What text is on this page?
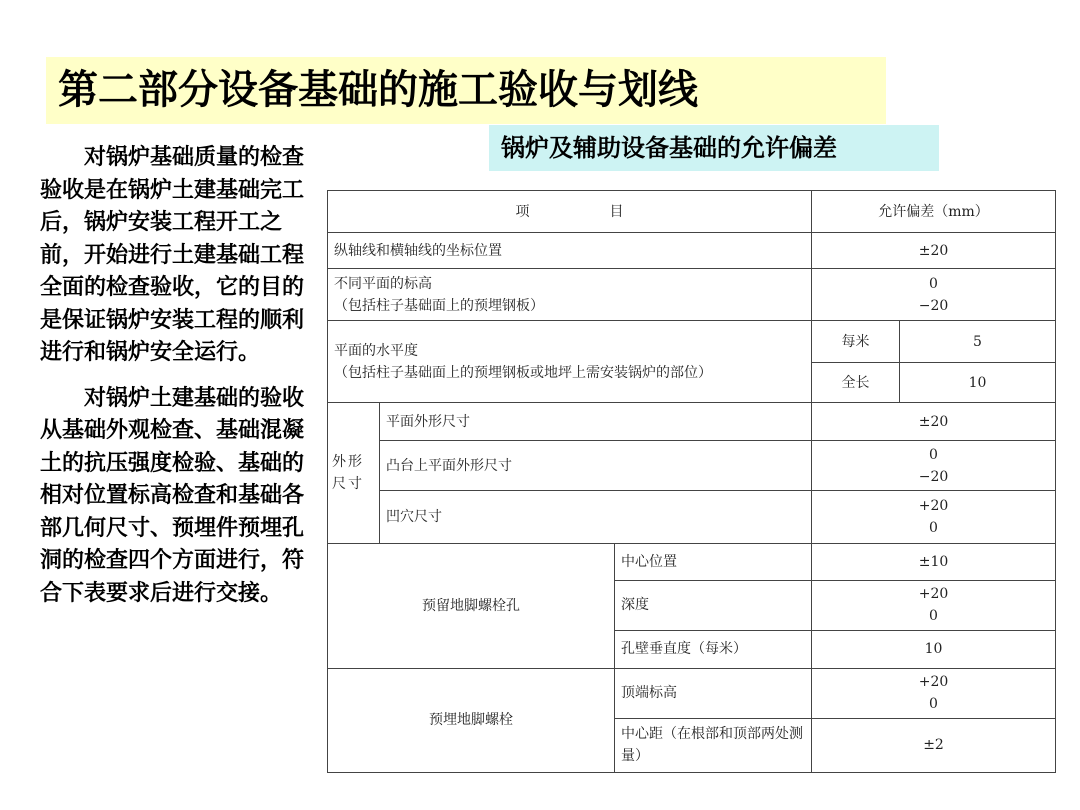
第二部分设备基础的施工验收与划线
锅炉及辅助设备基础的允许偏差

对锅炉基础质量的检查验收是在锅炉土建基础完工后，锅炉安装工程开工之前，开始进行土建基础工程全面的检查验收，它的目的是保证锅炉安装工程的顺利进行和锅炉安全运行。

对锅炉土建基础的验收从基础外观检查、基础混凝土的抗压强度检验、基础的相对位置标高检查和基础各部几何尺寸、预埋件预埋孔洞的检查四个方面进行，符合下表要求后进行交接。

项 目			允许偏差（mm）	
纵轴线和横轴线的坐标位置			±20	
不同平面的标高
（包括柱子基础面上的预埋钢板）			0
−20	

平面的水平度
（包括柱子基础面上的预埋钢板或地坪上需安装锅炉的部位）			每米	5
			全长	10
外形尺寸	平面外形尺寸		±20	
	凸台上平面外形尺寸		0
−20	

	凹穴尺寸		+20
0	

预留地脚螺栓孔		中心位置	±10	
		深度	+20
0	

		孔壁垂直度（每米）	10	
预埋地脚螺栓		顶端标高	+20
0	

		中心距（在根部和顶部两处测量）	±2	
